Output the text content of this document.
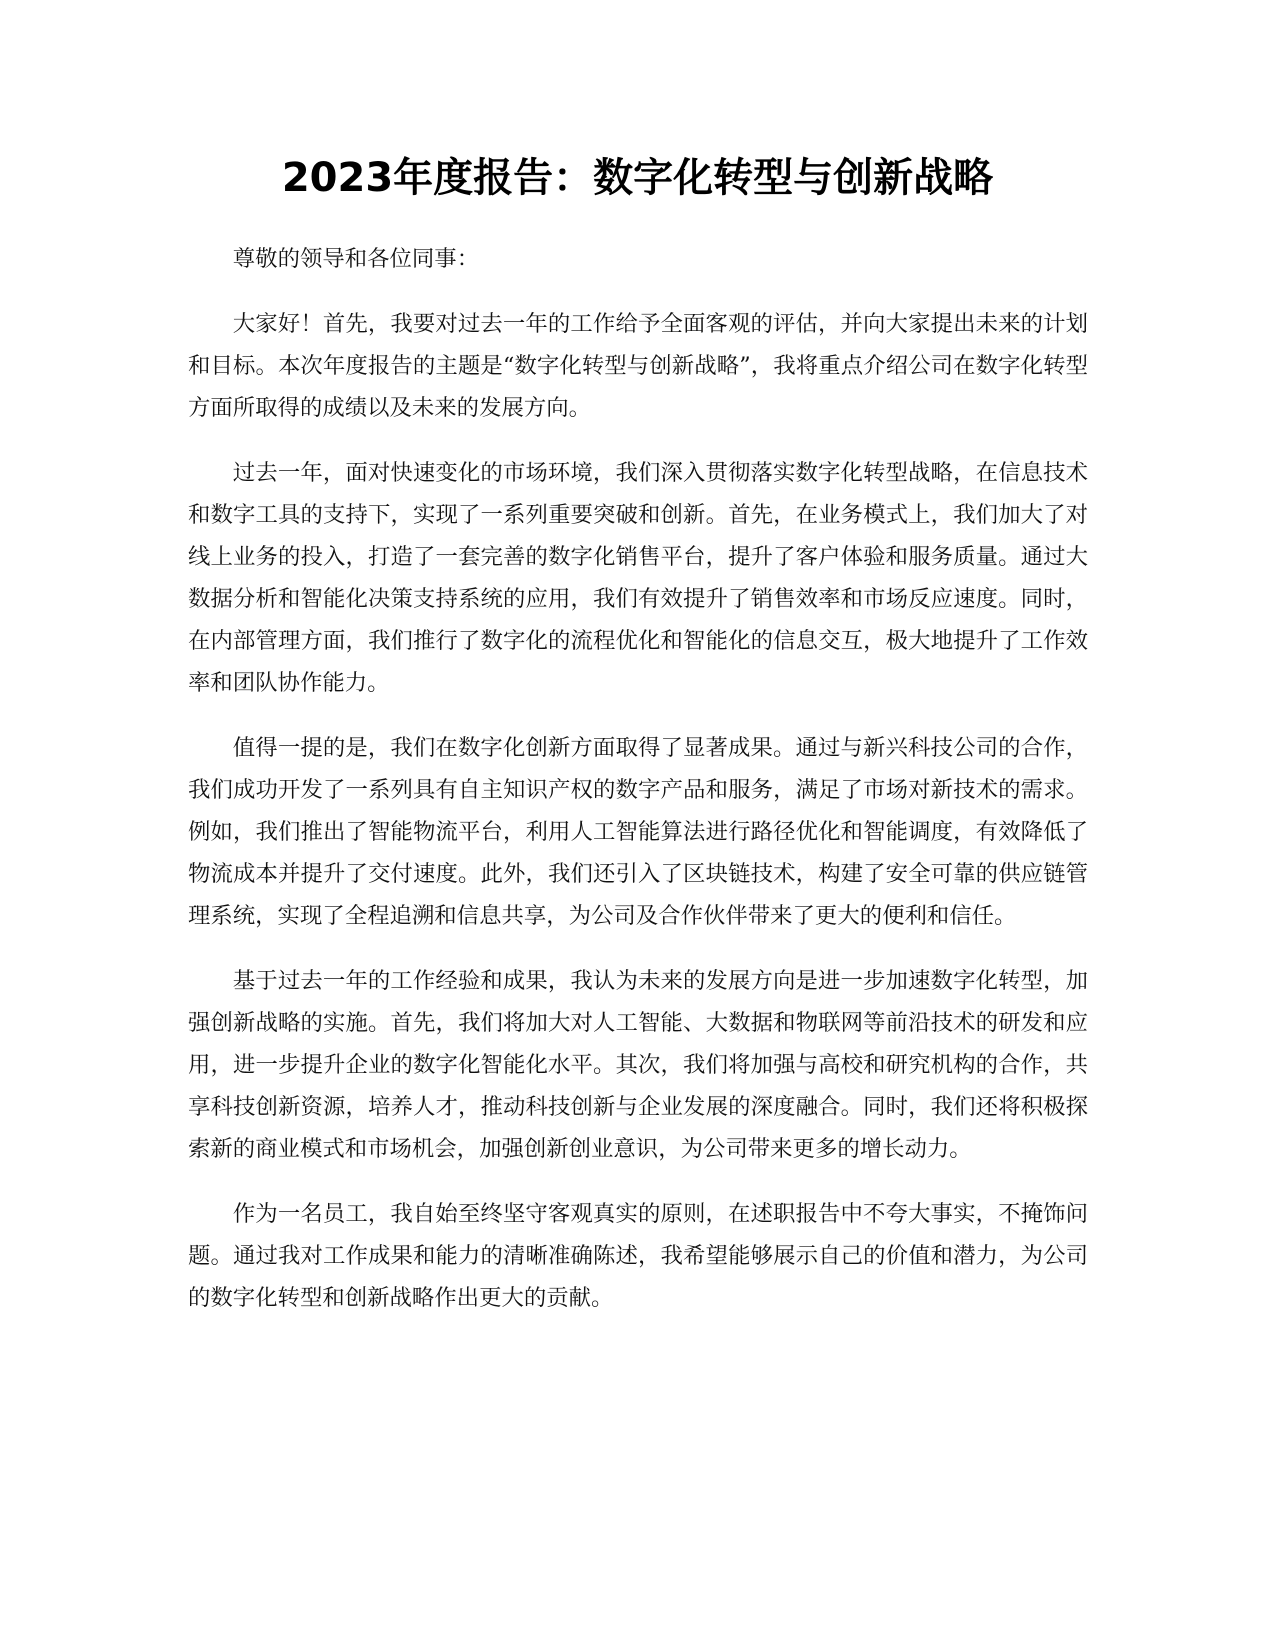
2023年度报告：数字化转型与创新战略

尊敬的领导和各位同事：

大家好！首先，我要对过去一年的工作给予全面客观的评估，并向大家提出未来的计划和目标。本次年度报告的主题是“数字化转型与创新战略”，我将重点介绍公司在数字化转型方面所取得的成绩以及未来的发展方向。

过去一年，面对快速变化的市场环境，我们深入贯彻落实数字化转型战略，在信息技术和数字工具的支持下，实现了一系列重要突破和创新。首先，在业务模式上，我们加大了对线上业务的投入，打造了一套完善的数字化销售平台，提升了客户体验和服务质量。通过大数据分析和智能化决策支持系统的应用，我们有效提升了销售效率和市场反应速度。同时，在内部管理方面，我们推行了数字化的流程优化和智能化的信息交互，极大地提升了工作效率和团队协作能力。

值得一提的是，我们在数字化创新方面取得了显著成果。通过与新兴科技公司的合作，我们成功开发了一系列具有自主知识产权的数字产品和服务，满足了市场对新技术的需求。例如，我们推出了智能物流平台，利用人工智能算法进行路径优化和智能调度，有效降低了物流成本并提升了交付速度。此外，我们还引入了区块链技术，构建了安全可靠的供应链管理系统，实现了全程追溯和信息共享，为公司及合作伙伴带来了更大的便利和信任。

基于过去一年的工作经验和成果，我认为未来的发展方向是进一步加速数字化转型，加强创新战略的实施。首先，我们将加大对人工智能、大数据和物联网等前沿技术的研发和应用，进一步提升企业的数字化智能化水平。其次，我们将加强与高校和研究机构的合作，共享科技创新资源，培养人才，推动科技创新与企业发展的深度融合。同时，我们还将积极探索新的商业模式和市场机会，加强创新创业意识，为公司带来更多的增长动力。

作为一名员工，我自始至终坚守客观真实的原则，在述职报告中不夸大事实，不掩饰问题。通过我对工作成果和能力的清晰准确陈述，我希望能够展示自己的价值和潜力，为公司的数字化转型和创新战略作出更大的贡献。
